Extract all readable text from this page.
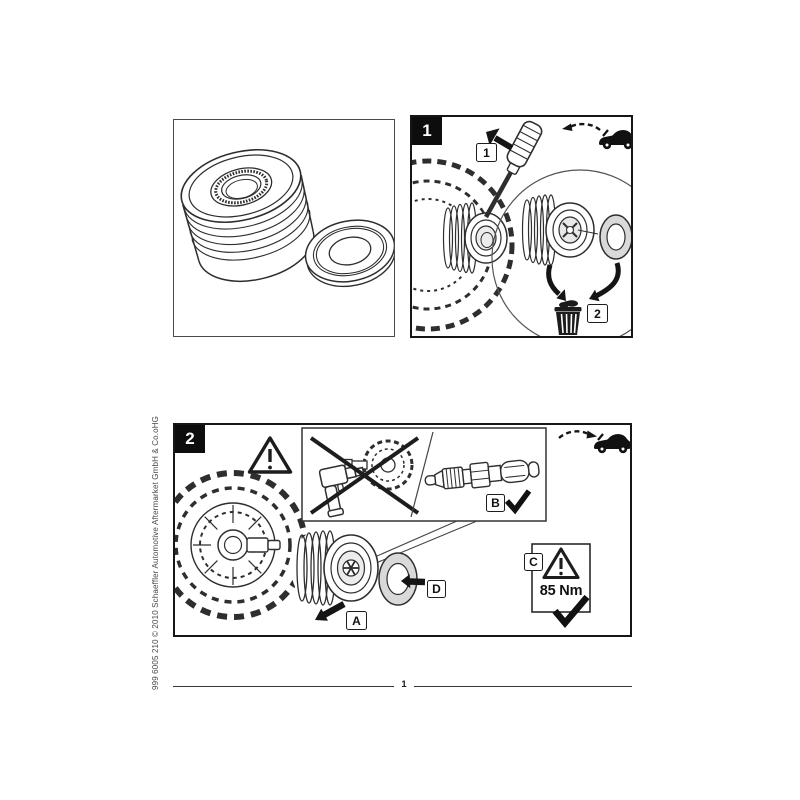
1
1
2
2
A
B
C
D	85 Nm
© 2010 Schaeffler Automotive Aftermarket GmbH & Co.oHG
999 6005 210	1
